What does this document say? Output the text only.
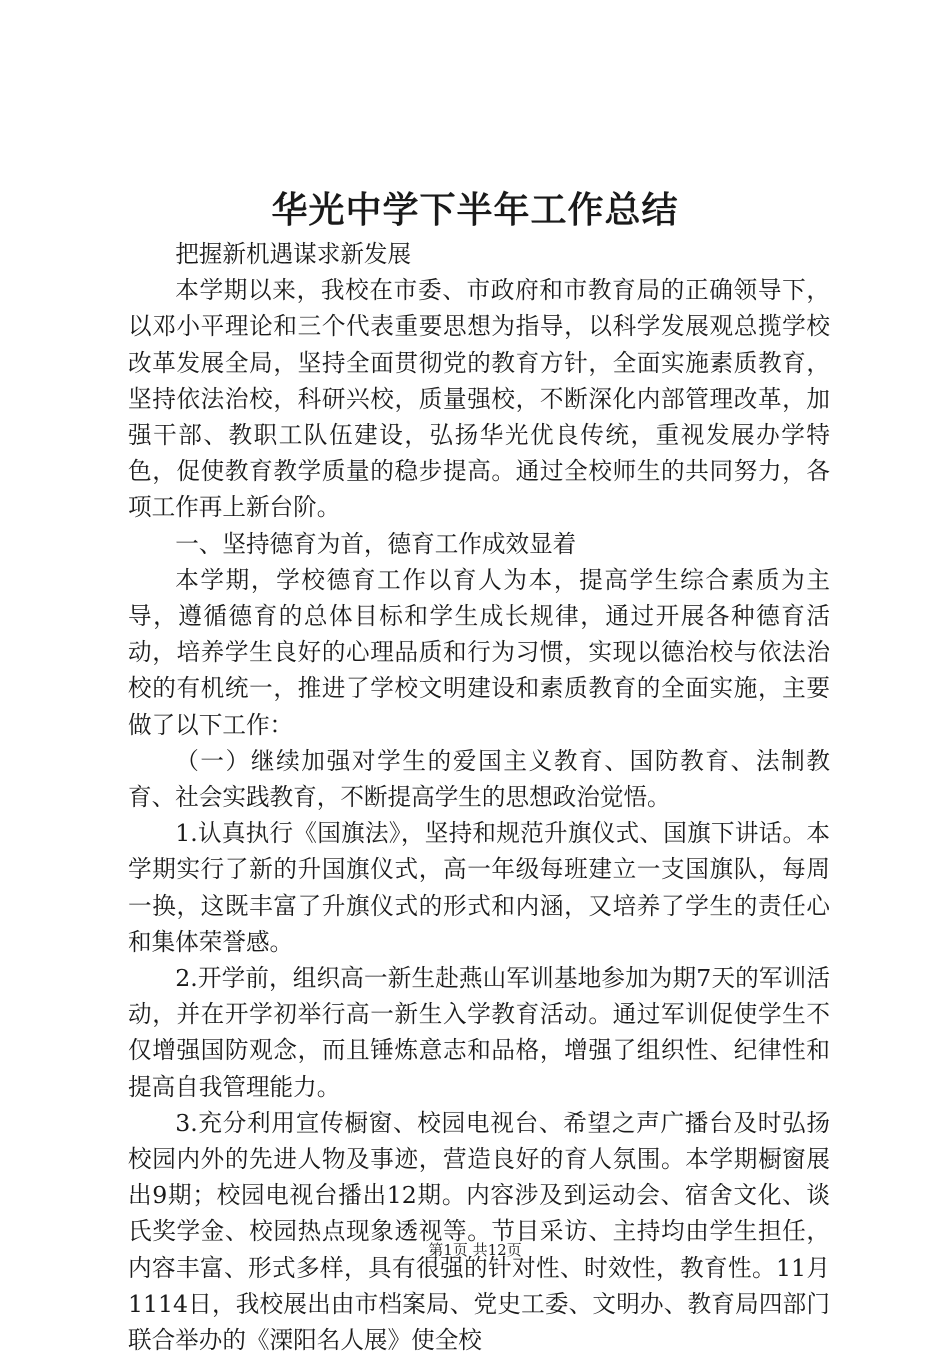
华光中学下半年工作总结

把握新机遇谋求新发展

本学期以来，我校在市委、市政府和市教育局的正确领导下，以邓小平理论和三个代表重要思想为指导，以科学发展观总揽学校改革发展全局，坚持全面贯彻党的教育方针，全面实施素质教育，坚持依法治校，科研兴校，质量强校，不断深化内部管理改革，加强干部、教职工队伍建设，弘扬华光优良传统，重视发展办学特色，促使教育教学质量的稳步提高。通过全校师生的共同努力，各项工作再上新台阶。

一、坚持德育为首，德育工作成效显着

本学期，学校德育工作以育人为本，提高学生综合素质为主导，遵循德育的总体目标和学生成长规律，通过开展各种德育活动，培养学生良好的心理品质和行为习惯，实现以德治校与依法治校的有机统一，推进了学校文明建设和素质教育的全面实施，主要做了以下工作：

（一）继续加强对学生的爱国主义教育、国防教育、法制教育、社会实践教育，不断提高学生的思想政治觉悟。

1.认真执行《国旗法》，坚持和规范升旗仪式、国旗下讲话。本学期实行了新的升国旗仪式，高一年级每班建立一支国旗队，每周一换，这既丰富了升旗仪式的形式和内涵，又培养了学生的责任心和集体荣誉感。

2.开学前，组织高一新生赴燕山军训基地参加为期7天的军训活动，并在开学初举行高一新生入学教育活动。通过军训促使学生不仅增强国防观念，而且锤炼意志和品格，增强了组织性、纪律性和提高自我管理能力。

3.充分利用宣传橱窗、校园电视台、希望之声广播台及时弘扬校园内外的先进人物及事迹，营造良好的育人氛围。本学期橱窗展出9期；校园电视台播出12期。内容涉及到运动会、宿舍文化、谈氏奖学金、校园热点现象透视等。节目采访、主持均由学生担任，内容丰富、形式多样，具有很强的针对性、时效性，教育性。11月1114日，我校展出由市档案局、党史工委、文明办、教育局四部门联合举办的《溧阳名人展》使全校

第1页 共12页
